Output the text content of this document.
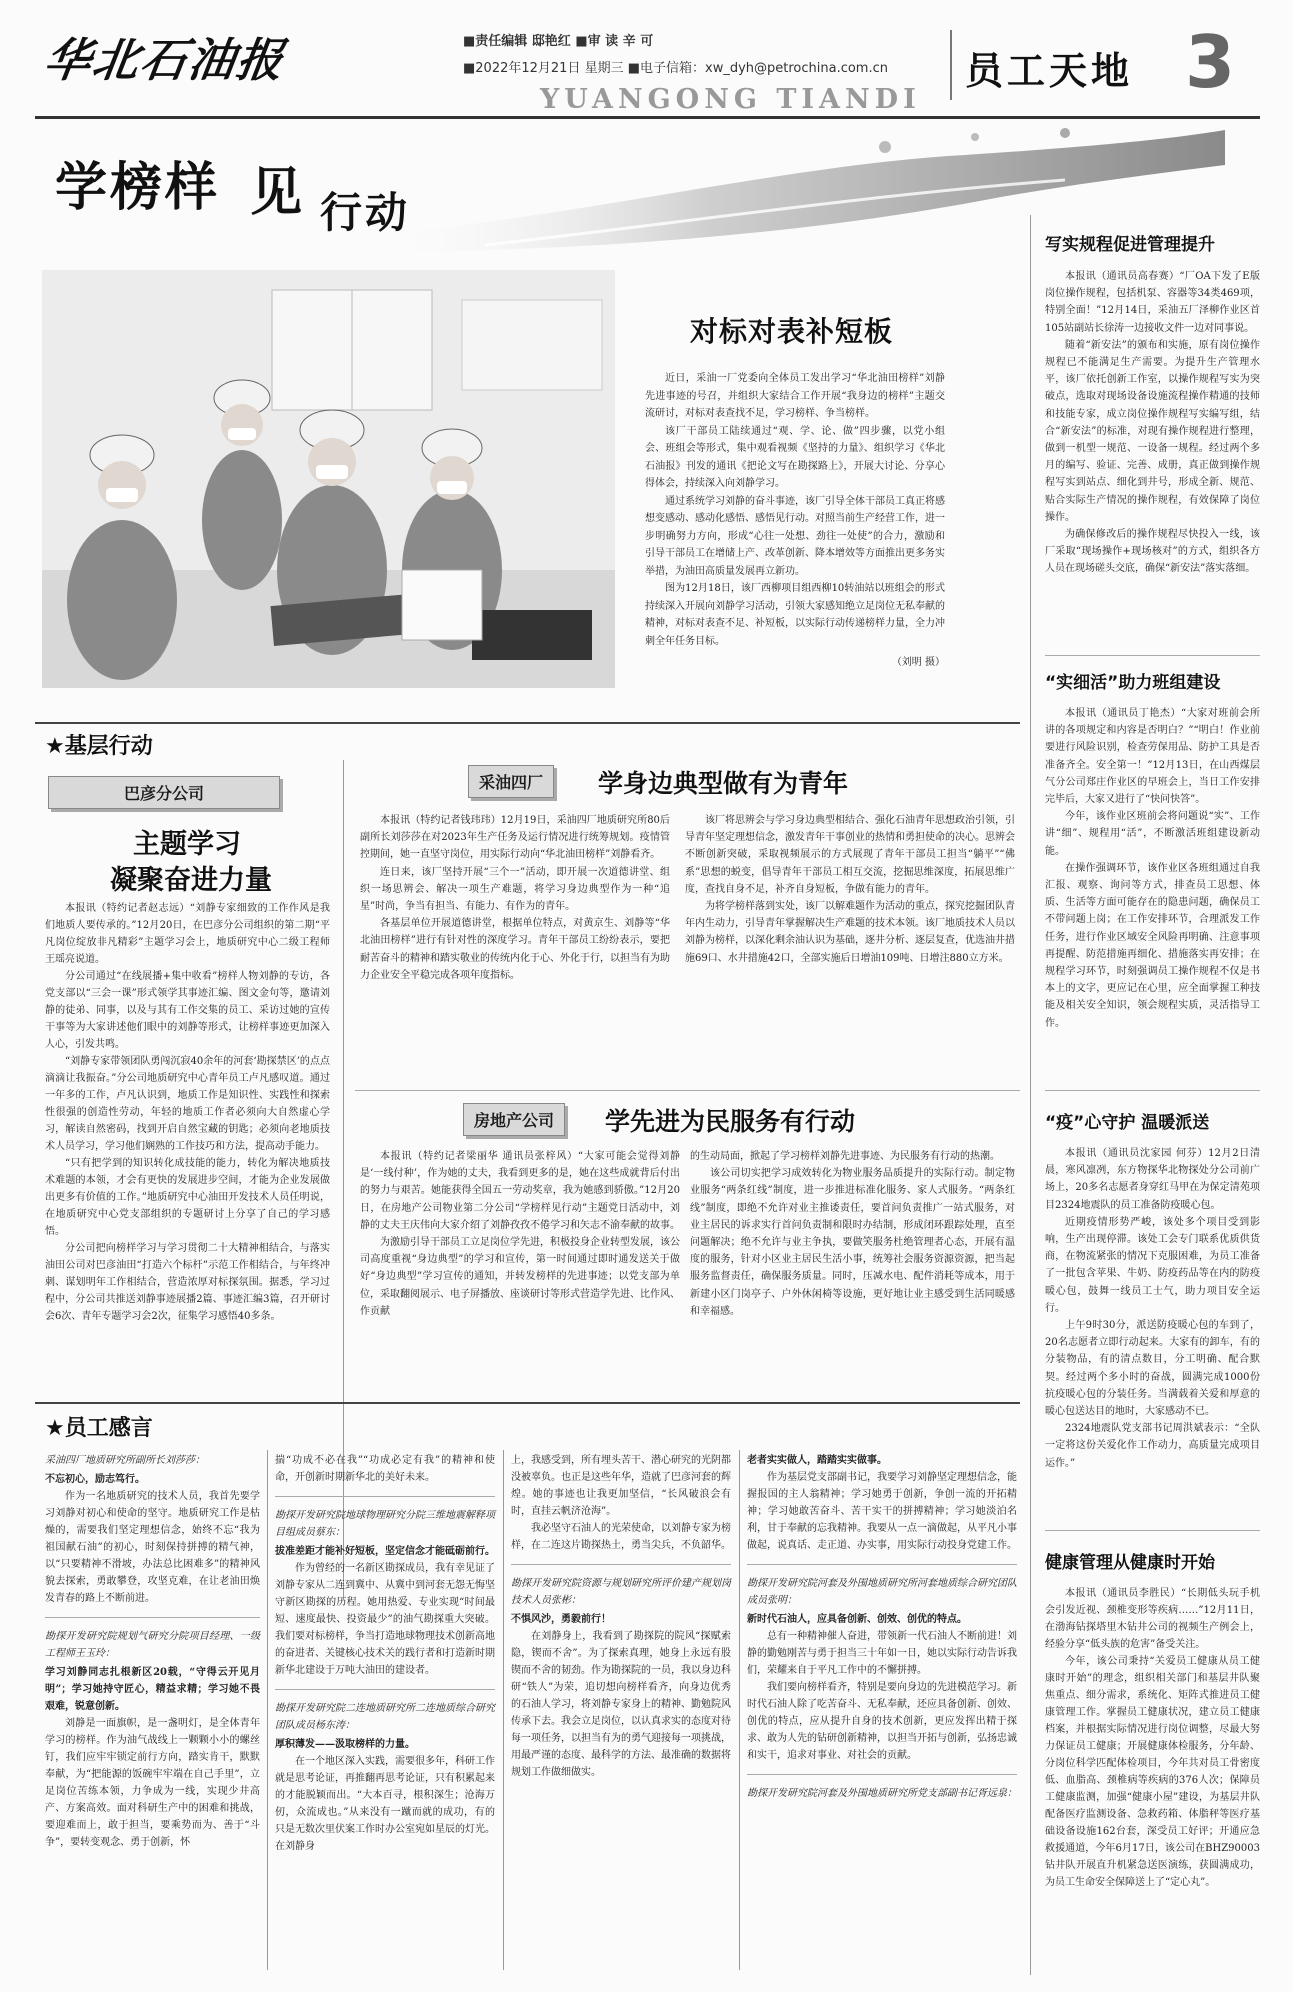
华北石油报	■责任编辑 邸艳红 ■审 读 辛 可
■2022年12月21日 星期三 ■电子信箱：xw_dyh@petrochina.com.cn
YUANGONG TIANDI
员工天地 3
学榜样 见 行动
对标对表补短板

近日，采油一厂党委向全体员工发出学习“华北油田榜样”刘静先进事迹的号召，并组织大家结合工作开展“我身边的榜样”主题交流研讨，对标对表查找不足，学习榜样、争当榜样。

该厂干部员工陆续通过“观、学、论、做”四步骤，以党小组会、班组会等形式，集中观看视频《坚持的力量》、组织学习《华北石油报》刊发的通讯《把论文写在勘探路上》，开展大讨论、分享心得体会，持续深入向刘静学习。

通过系统学习刘静的奋斗事迹，该厂引导全体干部员工真正将感想变感动、感动化感悟、感悟见行动。对照当前生产经营工作，进一步明确努力方向，形成“心往一处想、劲往一处使”的合力，激励和引导干部员工在增储上产、改革创新、降本增效等方面推出更多务实举措，为油田高质量发展再立新功。

图为12月18日，该厂西柳项目组西柳10转油站以班组会的形式持续深入开展向刘静学习活动，引领大家感知绝立足岗位无私奉献的精神，对标对表查不足、补短板，以实际行动传递榜样力量，全力冲刺全年任务目标。

（刘明 摄）
写实规程促进管理提升

本报讯（通讯员高春赛）“厂OA下发了E版岗位操作规程，包括机泵、容器等34类469项，特别全面！”12月14日，采油五厂泽柳作业区首105站副站长徐涛一边接收文件一边对同事说。

随着“新安法”的颁布和实施，原有岗位操作规程已不能满足生产需要。为提升生产管理水平，该厂依托创新工作室，以操作规程写实为突破点，选取对现场设备设施流程操作精通的技师和技能专家，成立岗位操作规程写实编写组，结合“新安法”的标准，对现有操作规程进行整理，做到一机型一规范、一设备一规程。经过两个多月的编写、验证、完善、成册，真正做到操作规程写实到站点、细化到井号，形成全新、规范、贴合实际生产情况的操作规程，有效保障了岗位操作。

为确保修改后的操作规程尽快投入一线，该厂采取“现场操作+现场核对”的方式，组织各方人员在现场磋头交底，确保“新安法”落实落细。

“实细活”助力班组建设

本报讯（通讯员丁艳杰）“大家对班前会所讲的各项规定和内容是否明白？”“明白！作业前要进行风险识别，检查劳保用品、防护工具是否准备齐全。安全第一！”12月13日，在山西煤层气分公司郑庄作业区的早班会上，当日工作安排完毕后，大家又进行了“快问快答”。

今年，该作业区班前会将问题说“实”、工作讲“细”、规程用“活”，不断激活班组建设新动能。

在操作强调环节，该作业区各班组通过自我汇报、观察、询问等方式，排查员工思想、体质、生活等方面可能存在的隐患问题，确保员工不带问题上岗；在工作安排环节，合理派发工作任务，进行作业区域安全风险再明确、注意事项再提醒、防范措施再细化、措施落实再安排；在规程学习环节，时刻强调员工操作规程不仅是书本上的文字，更应记在心里，应全面掌握工种技能及相关安全知识，领会规程实质，灵活指导工作。

“疫”心守护 温暖派送

本报讯（通讯员沈家园 何芬）12月2日清晨，寒风凛冽，东方物探华北物探处分公司前广场上，20多名志愿者身穿红马甲在为保定清苑项目2324地震队的员工准备防疫暖心包。

近期疫情形势严峻，该处多个项目受到影响，生产出现停滞。该处工会专门联系优质供货商，在物流紧张的情况下克服困难，为员工准备了一批包含苹果、牛奶、防疫药品等在内的防疫暖心包，鼓舞一线员工士气，助力项目安全运行。

上午9时30分，派送防疫暖心包的车到了，20名志愿者立即行动起来。大家有的卸车，有的分装物品，有的清点数目，分工明确、配合默契。经过两个多小时的奋战，圆满完成1000份抗疫暖心包的分装任务。当满载着关爱和厚意的暖心包送达目的地时，大家感动不已。

2324地震队党支部书记周洪斌表示：“全队一定将这份关爱化作工作动力，高质量完成项目运作。”

健康管理从健康时开始

本报讯（通讯员李胜民）“长期低头玩手机会引发近视、颈椎变形等疾病……”12月11日，在渤海钻探塔里木钻井公司的视频生产例会上，经验分享“低头族的危害”备受关注。

今年，该公司秉持“关爱员工健康从员工健康时开始”的理念，组织相关部门和基层井队聚焦重点、细分需求，系统化、矩阵式推进员工健康管理工作。掌握员工健康状况，建立员工健康档案，并根据实际情况进行岗位调整，尽最大努力保证员工健康；开展健康体检服务，分年龄、分岗位科学匹配体检项目，今年共对员工骨密度低、血脂高、颈椎病等疾病的376人次；保障员工健康监测，加强“健康小屋”建设，为基层井队配备医疗监测设备、急救药箱、体脂秤等医疗基础设备设施162台套，深受员工好评；开通应急救援通道，今年6月17日，该公司在BHZ90003钻井队开展直升机紧急送医演练，获圆满成功，为员工生命安全保障送上了“定心丸”。

★基层行动
巴彦分公司
主题学习
凝聚奋进力量

本报讯（特约记者赵志远）“刘静专家细致的工作作风是我们地质人要传承的。”12月20日，在巴彦分公司组织的第二期“平凡岗位绽放非凡精彩”主题学习会上，地质研究中心二级工程师王瑶亮说道。

分公司通过“在线展播+集中收看”榜样人物刘静的专访，各党支部以“三会一课”形式领学其事迹汇编、图文金句等，邀请刘静的徒弟、同事，以及与其有工作交集的员工、采访过她的宣传干事等为大家讲述他们眼中的刘静等形式，让榜样事迹更加深入人心，引发共鸣。

“刘静专家带领团队勇闯沉寂40余年的河套‘勘探禁区’的点点滴滴让我振奋。”分公司地质研究中心青年员工卢凡感叹道。通过一年多的工作，卢凡认识到，地质工作是知识性、实践性和探索性很强的创造性劳动，年轻的地质工作者必须向大自然虚心学习，解读自然密码，找到开启自然宝藏的钥匙；必须向老地质技术人员学习，学习他们娴熟的工作技巧和方法，提高动手能力。

“只有把学到的知识转化成技能的能力，转化为解决地质技术难题的本领，才会有更快的发展进步空间，才能为企业发展做出更多有价值的工作。”地质研究中心油田开发技术人员任明说，在地质研究中心党支部组织的专题研讨上分享了自己的学习感悟。

分公司把向榜样学习与学习贯彻二十大精神相结合，与落实油田公司对巴彦油田“打造六个标杆”示范工作相结合，与年终冲刺、谋划明年工作相结合，营造浓厚对标探氛围。据悉，学习过程中，分公司共推送刘静事迹展播2篇、事迹汇编3篇，召开研讨会6次、青年专题学习会2次，征集学习感悟40多条。

采油四厂	学身边典型做有为青年

本报讯（特约记者钱玮玮）12月19日，采油四厂地质研究所80后副所长刘莎莎在对2023年生产任务及运行情况进行统筹规划。疫情管控期间，她一直坚守岗位，用实际行动向“华北油田榜样”刘静看齐。

连日来，该厂坚持开展“三个一”活动，即开展一次道德讲堂、组织一场思辨会、解决一项生产难题，将学习身边典型作为一种“追星”时尚，争当有担当、有能力、有作为的青年。

各基层单位开展道德讲堂，根据单位特点，对黄京生、刘静等“华北油田榜样”进行有针对性的深度学习。青年干部员工纷纷表示，要把耐苦奋斗的精神和踏实敬业的传统内化于心、外化于行，以担当有为助力企业安全平稳完成各项年度指标。

该厂将思辨会与学习身边典型相结合、强化石油青年思想政治引领，引导青年坚定理想信念，激发青年干事创业的热情和勇担使命的决心。思辨会不断创新突破，采取视频展示的方式展现了青年干部员工担当“躺平”“佛系”思想的蜕变，倡导青年干部员工相互交流，挖掘思维深度，拓展思维广度，查找自身不足，补齐自身短板，争做有能力的青年。

为将学榜样落到实处，该厂以解难题作为活动的重点，探究挖掘团队青年内生动力，引导青年掌握解决生产难题的技术本领。该厂地质技术人员以刘静为榜样，以深化剩余油认识为基础，逐井分析、逐层复查，优选油井措施69口、水井措施42口，全部实施后日增油109吨、日增注880立方米。

房地产公司	学先进为民服务有行动

本报讯（特约记者梁丽华 通讯员张梓风）“大家可能会觉得刘静是‘一线付种’，作为她的丈夫，我看到更多的是，她在这些成就背后付出的努力与艰苦。她能获得全国五一劳动奖章，我为她感到骄傲。”12月20日，在房地产公司物业第二分公司“学榜样见行动”主题党日活动中，刘静的丈夫王庆伟向大家介绍了刘静孜孜不倦学习和矢志不渝奉献的故事。

为激励引导干部员工立足岗位学先进，积极投身企业转型发展，该公司高度重视“身边典型”的学习和宣传，第一时间通过即时通发送关于做好“身边典型”学习宣传的通知，并转发榜样的先进事迹；以党支部为单位，采取翻阅展示、电子屏播放、座谈研讨等形式营造学先进、比作风、作贡献

的生动局面，掀起了学习榜样刘静先进事迹、为民服务有行动的热潮。

该公司切实把学习成效转化为物业服务品质提升的实际行动。制定物业服务“两条红线”制度，进一步推进标准化服务、家人式服务。“两条红线”制度，即绝不允许对业主推诿责任，要首问负责推广一站式服务，对业主居民的诉求实行首问负责制和限时办结制，形成闭环跟踪处理，直至问题解决；绝不允许与业主争执，要做笑服务杜绝管理者心态，开展有温度的服务，针对小区业主居民生活小事，统筹社会服务资源资源，把当起服务监督责任，确保服务质量。同时，压减水电、配件消耗等成本，用于新建小区门岗亭子、户外休闲椅等设施，更好地让业主感受到生活同暖感和幸福感。

★员工感言
采油四厂地质研究所副所长刘莎莎：
不忘初心，励志笃行。

作为一名地质研究的技术人员，我首先要学习刘静对初心和使命的坚守。地质研究工作是枯燥的，需要我们坚定理想信念，始终不忘“我为祖国献石油”的初心，时刻保持拼搏的精气神，以“只要精神不滑坡，办法总比困难多”的精神风貌去探索，勇敢攀登，攻坚克难，在让老油田焕发青春的路上不断前进。

勘探开发研究院规划气研究分院项目经理、一级工程师王玉玲：
学习刘静同志扎根新区20载，“守得云开见月明”；学习她持守匠心，精益求精；学习她不畏艰难，锐意创新。

刘静是一面旗帜，是一盏明灯，是全体青年学习的榜样。作为油气战线上一颗颗小小的螺丝钉，我们应牢牢锁定前行方向，踏实肯干，默默奉献，为“把能源的饭碗牢牢端在自己手里”，立足岗位苦练本领，力争成为一线，实现少井高产、方案高效。面对科研生产中的困难和挑战，要迎难而上，敢于担当，要乘势而为、善于“斗争”，要转变观念、勇于创新，怀

揣“功成不必在我”“功成必定有我”的精神和使命，开创新时期新华北的美好未来。

勘探开发研究院地球物理研究分院三维地震解释项目组成员蔡东：
拔准差距才能补好短板，坚定信念才能砥砺前行。

作为曾经的一名新区勘探成员，我有幸见证了刘静专家从二连到冀中、从冀中到河套无怨无悔坚守新区勘探的历程。她用热爱、专业实现“时间最短、速度最快、投资最少”的油气勘探重大突破。我们要对标榜样，争当打造地球物理技术创新高地的奋进者、关键核心技术关的践行者和打造新时期新华北建设于万吨大油田的建设者。

勘探开发研究院二连地质研究所二连地质综合研究团队成员杨东涛：
厚积薄发——汲取榜样的力量。

在一个地区深入实践，需要很多年，科研工作就是思考论证，再推翻再思考论证，只有积累起来的才能脱颖而出。“大本百寻，根积深生；沧海万仞，众流成也。”从来没有一蹴而就的成功，有的只是无数次里伏案工作时办公室宛如星辰的灯光。在刘静身

上，我感受到，所有埋头苦干、潜心研究的光阴都没被辜负。也正是这些年华，造就了巴彦河套的辉煌。她的事迹也让我更加坚信，“长风破浪会有时，直挂云帆济沧海”。

我必坚守石油人的光荣使命，以刘静专家为榜样，在二连这片勘探热土，勇当尖兵，不负韶华。

勘探开发研究院资源与规划研究所评价建产规划岗技术人员张彬：
不惧风沙，勇毅前行！

在刘静身上，我看到了勘探院的院风“探赋索隐，锲而不舍”。为了探索真理，她身上永远有股锲而不舍的韧劲。作为勘探院的一员，我以身边科研“铁人”为荣，追切想向榜样看齐，向身边优秀的石油人学习，将刘静专家身上的精神、勤勉院风传承下去。我会立足岗位，以认真求实的态度对待每一项任务，以担当有为的勇气迎接每一项挑战，用最严谨的态度、最科学的方法、最准确的数据将规划工作做细做实。

老者实实做人，踏踏实实做事。

作为基层党支部副书记，我要学习刘静坚定理想信念，能握报国的主人翁精神；学习她勇于创新，争创一流的开拓精神；学习她敢苦奋斗、苦干实干的拼搏精神；学习她淡泊名利，甘于奉献的忘我精神。我要从一点一滴做起，从平凡小事做起，说真话、走正道、办实事，用实际行动投身党建工作。

勘探开发研究院河套及外围地质研究所河套地质综合研究团队成员张明：
新时代石油人，应具备创新、创效、创优的特点。

总有一种精神催人奋进，带领新一代石油人不断前进！刘静的勤勉刚苦与勇于担当三十年如一日，她以实际行动告诉我们，荣耀来自于平凡工作中的不懈拼搏。

我们要向榜样看齐，特别是要向身边的先进模范学习。新时代石油人除了吃苦奋斗、无私奉献，还应具备创新、创效、创优的特点，应从提升自身的技术创新，更应发挥出精于探求、敢为人先的钻研创新精神，以担当开拓与创新，弘扬忠诚和实干，追求对事业、对社会的贡献。

勘探开发研究院河套及外围地质研究所党支部副书记胥远泉：
